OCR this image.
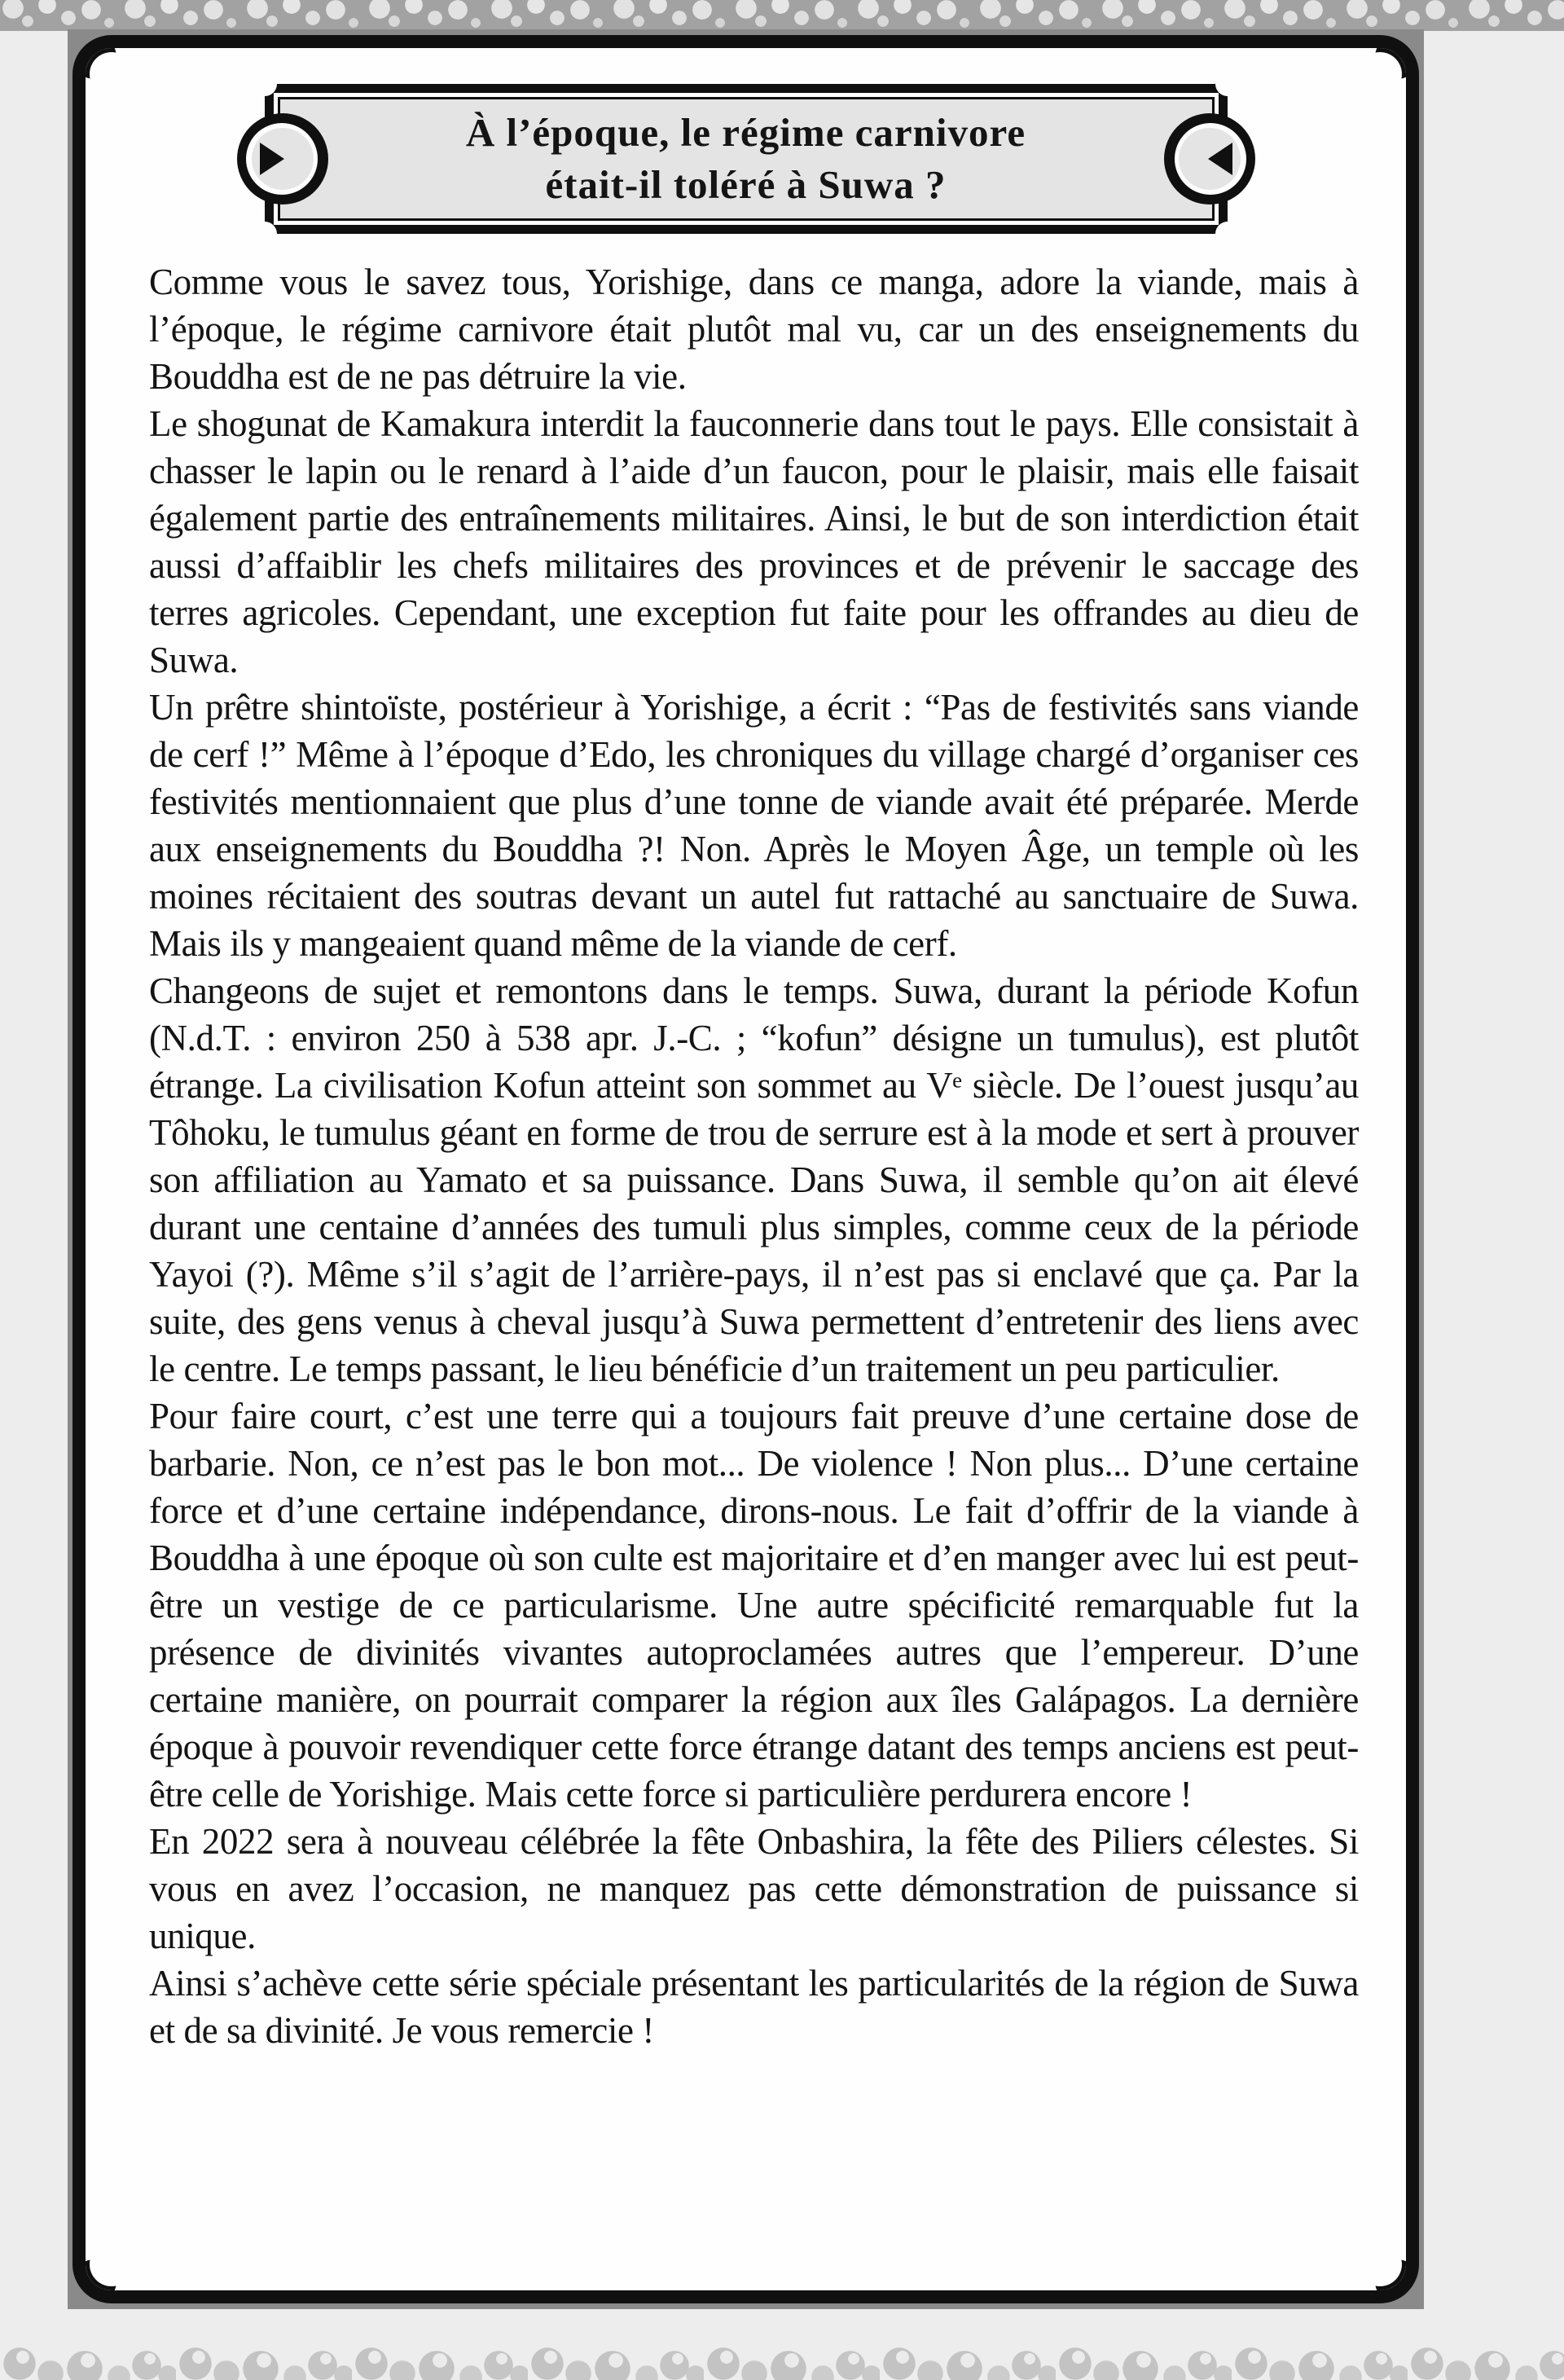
À l’époque, le régime carnivore
était-il toléré à Suwa ?

Comme vous le savez tous, Yorishige, dans ce manga, adore la viande, mais à l’époque, le régime carnivore était plutôt mal vu, car un des enseignements du Bouddha est de ne pas détruire la vie.

Le shogunat de Kamakura interdit la fauconnerie dans tout le pays. Elle consistait à chasser le lapin ou le renard à l’aide d’un faucon, pour le plaisir, mais elle faisait également partie des entraînements militaires. Ainsi, le but de son interdiction était aussi d’affaiblir les chefs militaires des provinces et de prévenir le saccage des terres agricoles. Cependant, une exception fut faite pour les offrandes au dieu de Suwa.

Un prêtre shintoïste, postérieur à Yorishige, a écrit : “Pas de festivités sans viande de cerf !” Même à l’époque d’Edo, les chroniques du village chargé d’organiser ces festivités mentionnaient que plus d’une tonne de viande avait été préparée. Merde aux enseignements du Bouddha ?! Non. Après le Moyen Âge, un temple où les moines récitaient des soutras devant un autel fut rattaché au sanctuaire de Suwa. Mais ils y mangeaient quand même de la viande de cerf.

Changeons de sujet et remontons dans le temps. Suwa, durant la période Kofun (N.d.T. : environ 250 à 538 apr. J.-C. ; “kofun” désigne un tumulus), est plutôt étrange. La civilisation Kofun atteint son sommet au Vᵉ siècle. De l’ouest jusqu’au Tôhoku, le tumulus géant en forme de trou de serrure est à la mode et sert à prouver son affiliation au Yamato et sa puissance. Dans Suwa, il semble qu’on ait élevé durant une centaine d’années des tumuli plus simples, comme ceux de la période Yayoi (?). Même s’il s’agit de l’arrière-pays, il n’est pas si enclavé que ça. Par la suite, des gens venus à cheval jusqu’à Suwa permettent d’entretenir des liens avec le centre. Le temps passant, le lieu bénéficie d’un traitement un peu particulier.

Pour faire court, c’est une terre qui a toujours fait preuve d’une certaine dose de barbarie. Non, ce n’est pas le bon mot... De violence ! Non plus... D’une certaine force et d’une certaine indépendance, dirons-nous. Le fait d’offrir de la viande à Bouddha à une époque où son culte est majoritaire et d’en manger avec lui est peut-être un vestige de ce particularisme. Une autre spécificité remarquable fut la présence de divinités vivantes autoproclamées autres que l’empereur. D’une certaine manière, on pourrait comparer la région aux îles Galápagos. La dernière époque à pouvoir revendiquer cette force étrange datant des temps anciens est peut-être celle de Yorishige. Mais cette force si particulière perdurera encore !

En 2022 sera à nouveau célébrée la fête Onbashira, la fête des Piliers célestes. Si vous en avez l’occasion, ne manquez pas cette démonstration de puissance si unique.

Ainsi s’achève cette série spéciale présentant les particularités de la région de Suwa et de sa divinité. Je vous remercie !
